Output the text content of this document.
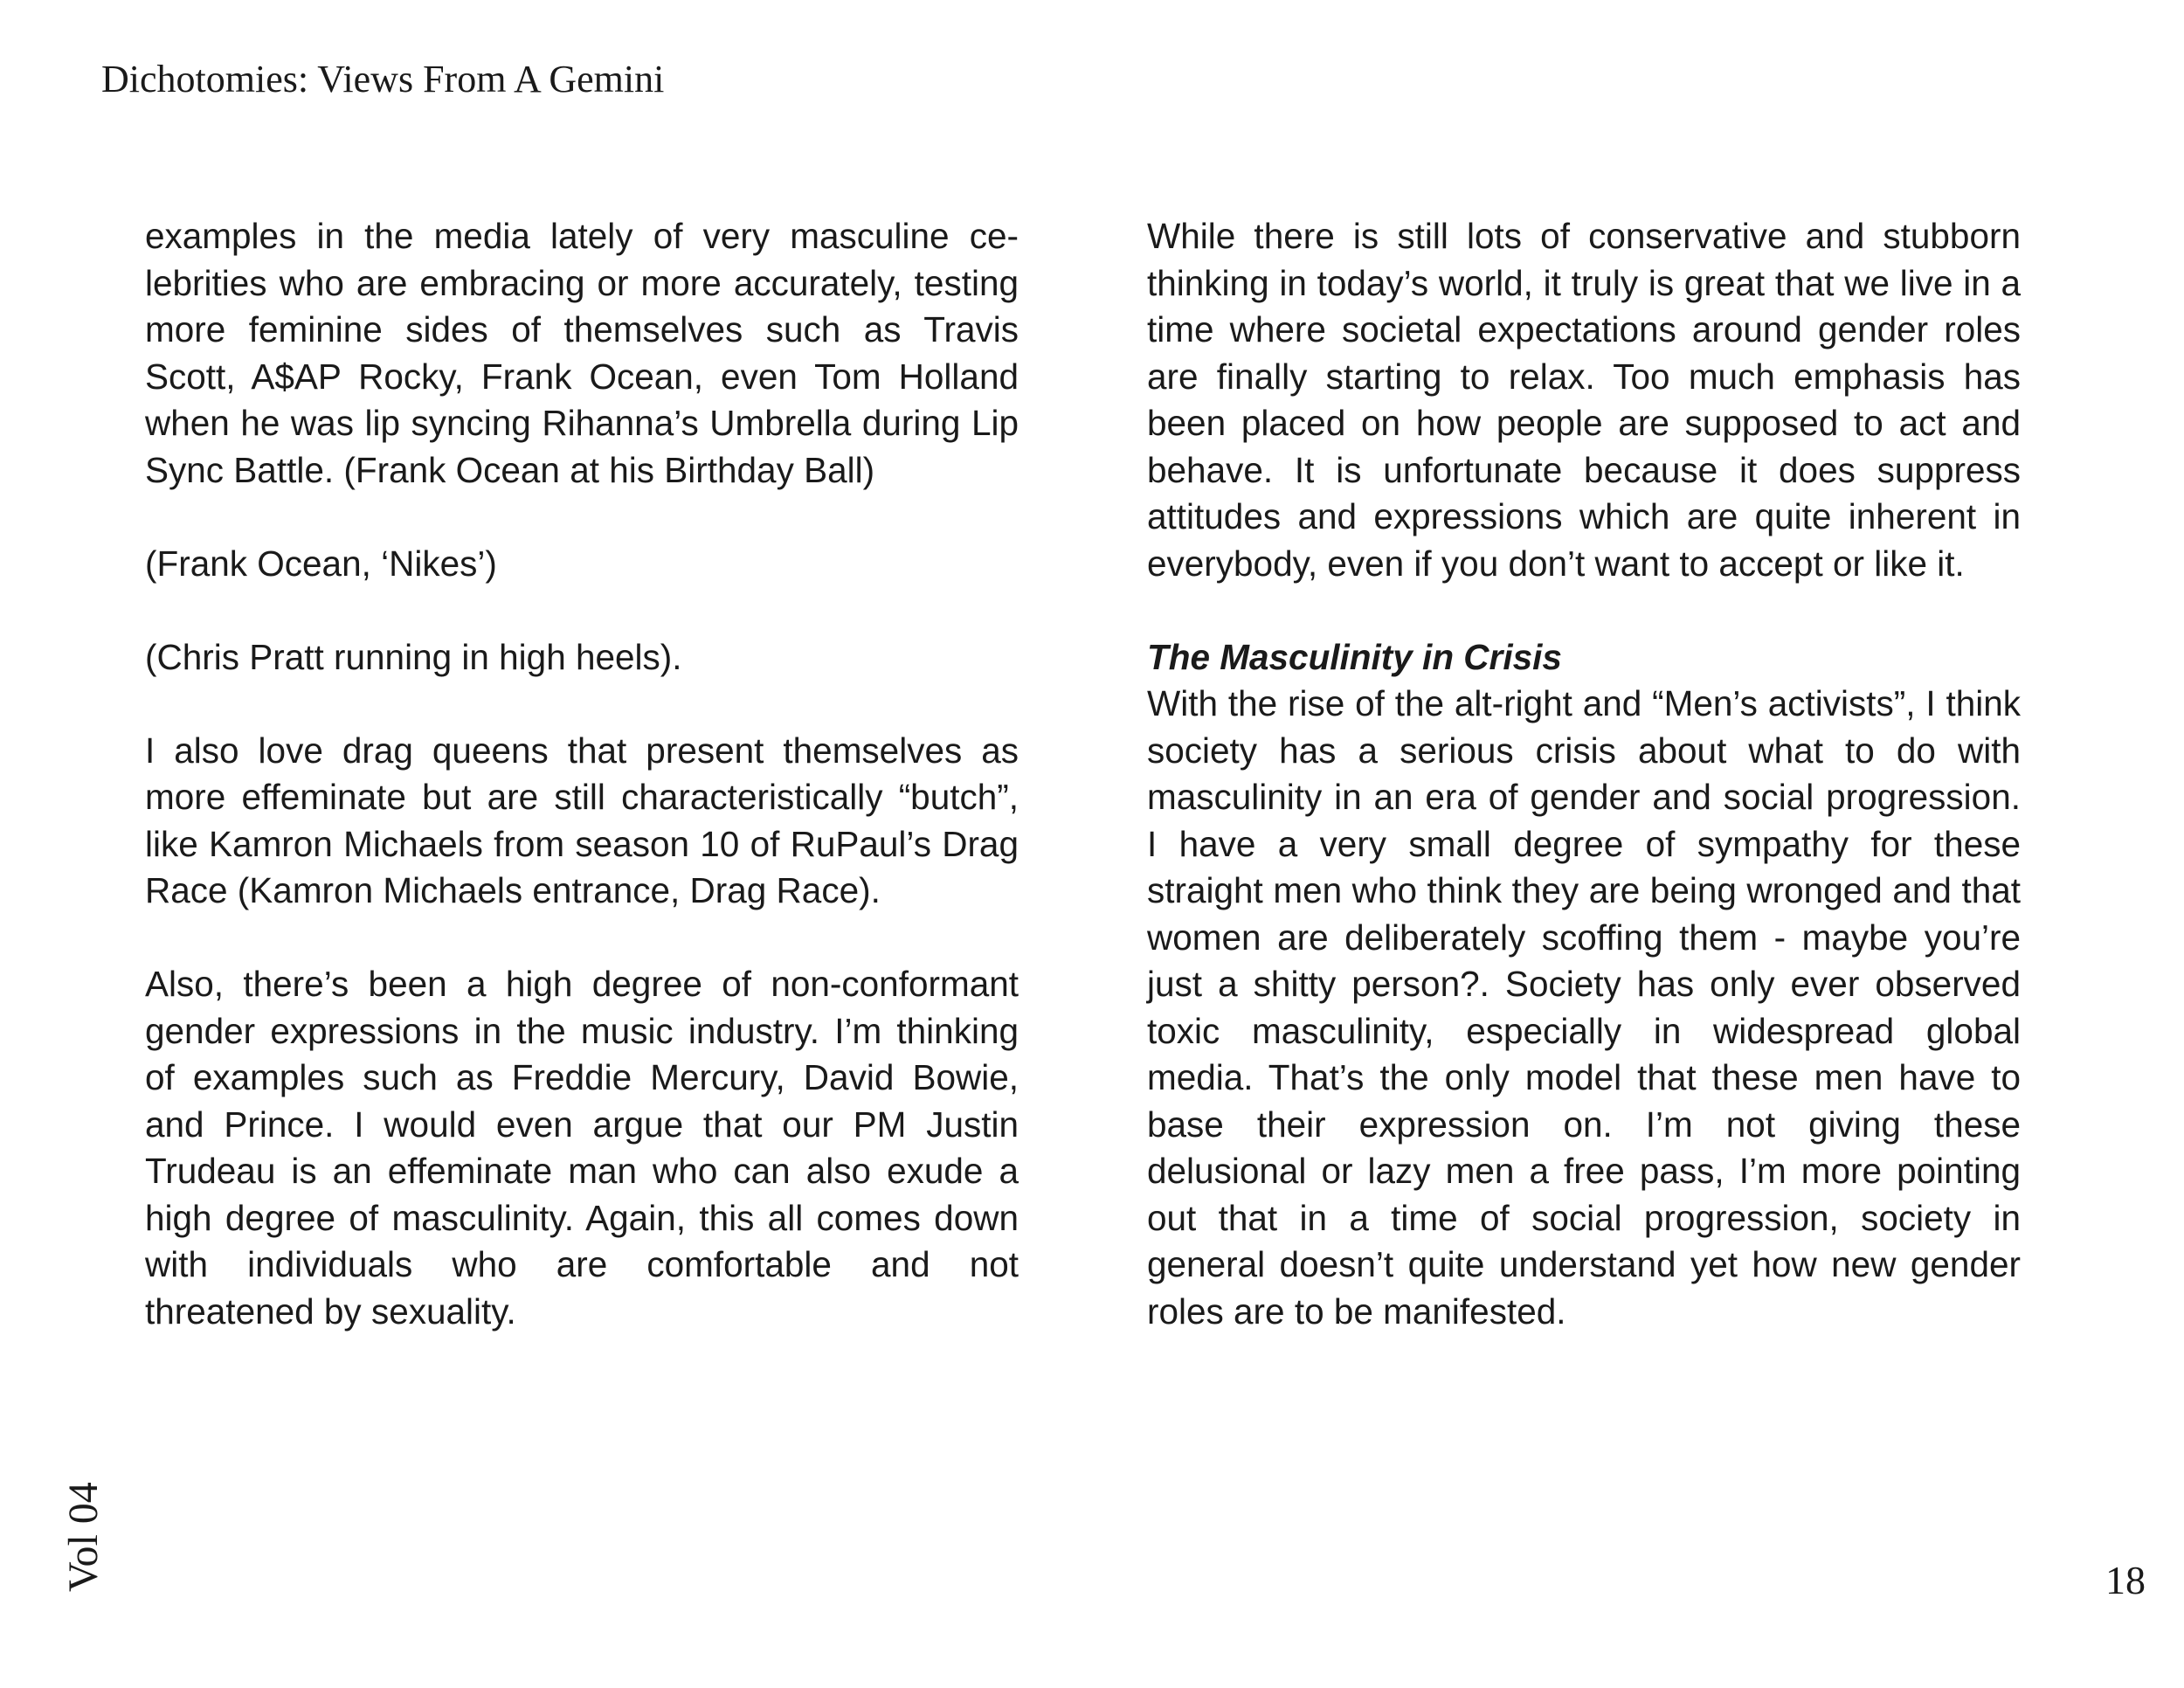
Dichotomies: Views From A Gemini

examples in the media lately of very masculine celebrities who are embracing or more accurately, testing more feminine sides of themselves such as Travis Scott, A$AP Rocky, Frank Ocean, even Tom Holland when he was lip syncing Rihanna’s Umbrella during Lip Sync Battle. (Frank Ocean at his Birthday Ball)

(Frank Ocean, ‘Nikes’)

(Chris Pratt running in high heels).

I also love drag queens that present themselves as more effeminate but are still characteristically “butch”, like Kamron Michaels from season 10 of RuPaul’s Drag Race (Kamron Michaels entrance, Drag Race).

Also, there’s been a high degree of non-conformant gender expressions in the music industry. I’m thinking of examples such as Freddie Mercury, David Bowie, and Prince. I would even argue that our PM Justin Trudeau is an effeminate man who can also exude a high degree of masculinity. Again, this all comes down with individuals who are comfortable and not threatened by sexuality.

While there is still lots of conservative and stubborn thinking in today’s world, it truly is great that we live in a time where societal expectations around gender roles are finally starting to relax. Too much emphasis has been placed on how people are supposed to act and behave. It is unfortunate because it does suppress attitudes and expressions which are quite inherent in everybody, even if you don’t want to accept or like it.

The Masculinity in Crisis

With the rise of the alt-right and “Men’s activists”, I think society has a serious crisis about what to do with masculinity in an era of gender and social progression. I have a very small degree of sympathy for these straight men who think they are being wronged and that women are deliberately scoffing them - maybe you’re just a shitty person?. Society has only ever observed toxic masculinity, especially in widespread global media. That’s the only model that these men have to base their expression on. I’m not giving these delusional or lazy men a free pass, I’m more pointing out that in a time of social progression, society in general doesn’t quite understand yet how new gender roles are to be manifested.

Vol 04	18
